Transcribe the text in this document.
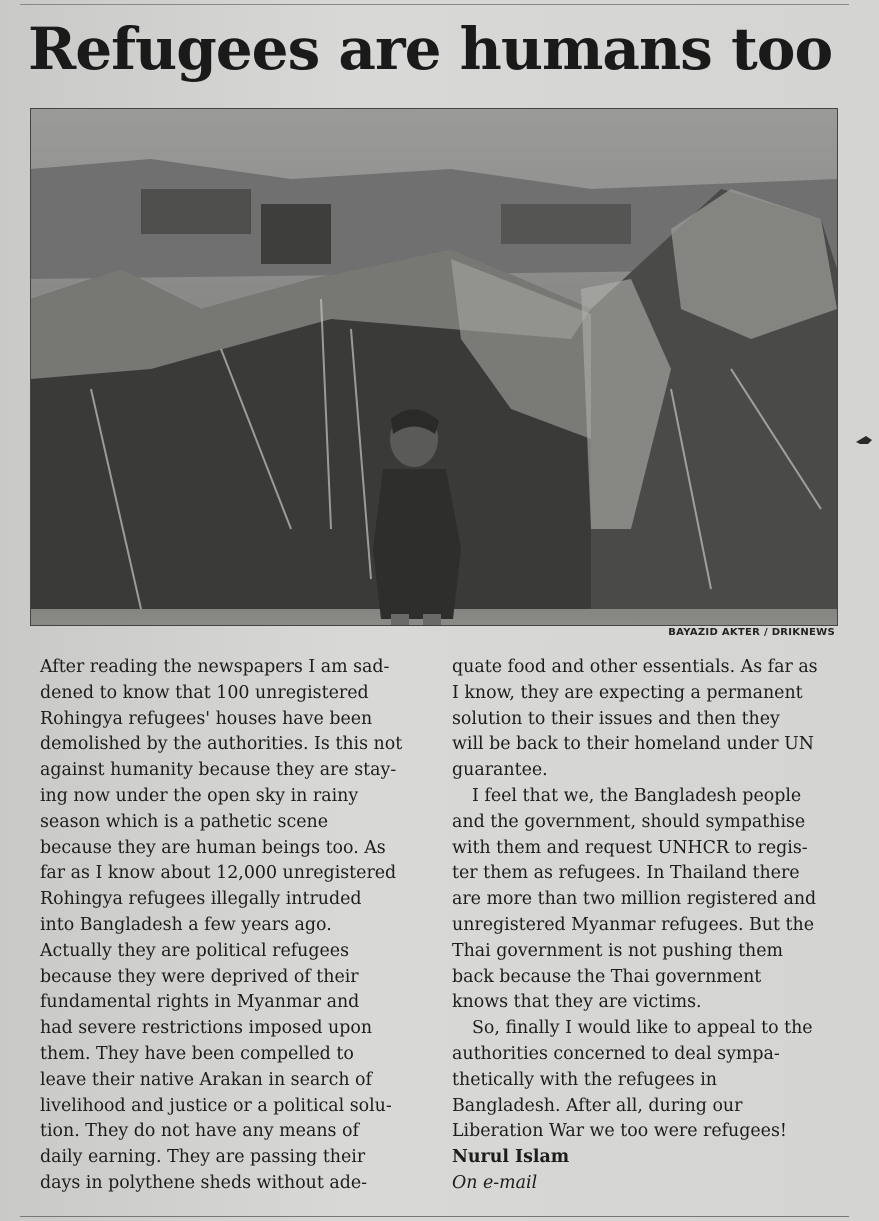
Refugees are humans too
BAYAZID AKTER / DRIKNEWS

After reading the newspapers I am sad-
dened to know that 100 unregistered
Rohingya refugees' houses have been
demolished by the authorities. Is this not
against humanity because they are stay-
ing now under the open sky in rainy
season which is a pathetic scene
because they are human beings too. As
far as I know about 12,000 unregistered
Rohingya refugees illegally intruded
into Bangladesh a few years ago.
Actually they are political refugees
because they were deprived of their
fundamental rights in Myanmar and
had severe restrictions imposed upon
them. They have been compelled to
leave their native Arakan in search of
livelihood and justice or a political solu-
tion. They do not have any means of
daily earning. They are passing their
days in polythene sheds without ade-

quate food and other essentials. As far as
I know, they are expecting a permanent
solution to their issues and then they
will be back to their homeland under UN
guarantee.

I feel that we, the Bangladesh people
and the government, should sympathise
with them and request UNHCR to regis-
ter them as refugees. In Thailand there
are more than two million registered and
unregistered Myanmar refugees. But the
Thai government is not pushing them
back because the Thai government
knows that they are victims.

So, finally I would like to appeal to the
authorities concerned to deal sympa-
thetically with the refugees in
Bangladesh. After all, during our
Liberation War we too were refugees!

Nurul Islam
On e-mail
